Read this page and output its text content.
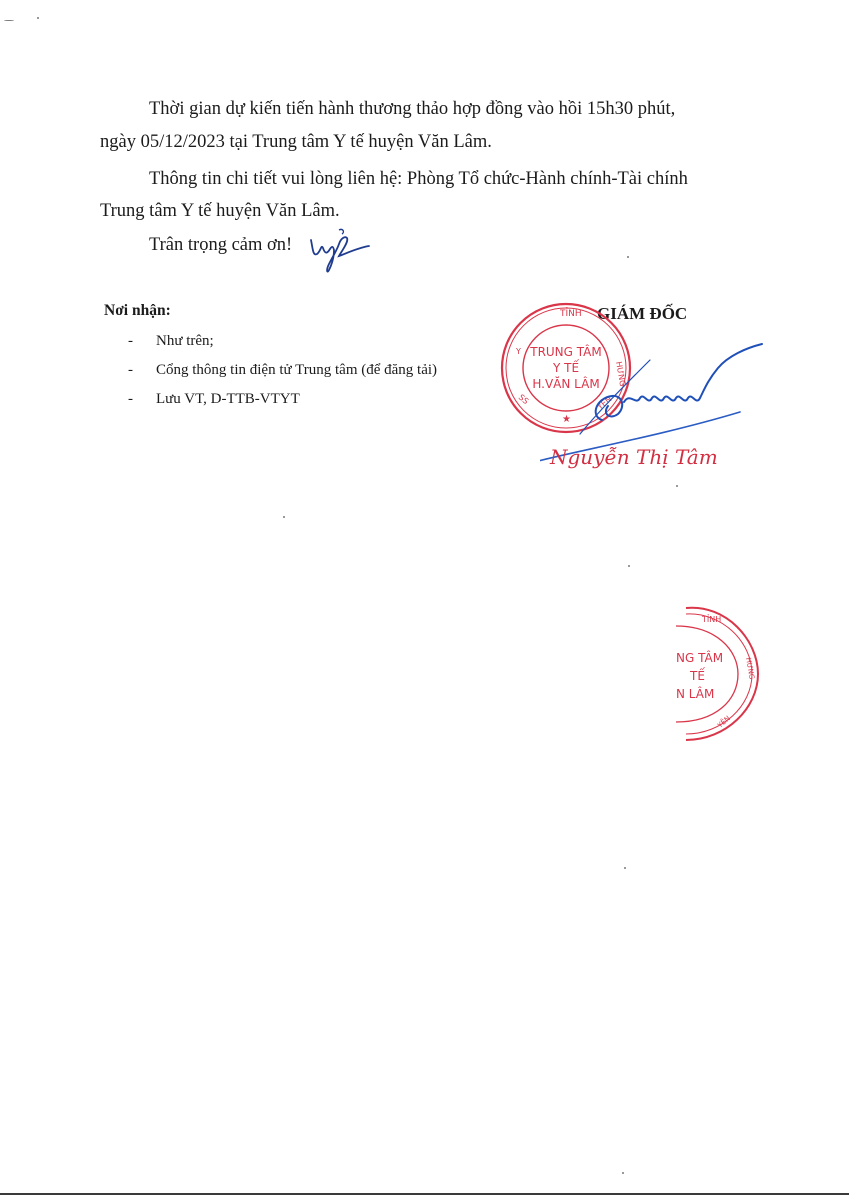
Thời gian dự kiến tiến hành thương thảo hợp đồng vào hồi 15h30 phút,
ngày 05/12/2023 tại Trung tâm Y tế huyện Văn Lâm.
Thông tin chi tiết vui lòng liên hệ: Phòng Tổ chức-Hành chính-Tài chính
Trung tâm Y tế huyện Văn Lâm.
Trân trọng cảm ơn!
Nơi nhận:
- Như trên;
- Cổng thông tin điện tử Trung tâm (để đăng tải)
- Lưu VT, D-TTB-VTYT
GIÁM ĐỐC
TỈNH
HƯNG
Y
SS	YÊN
TRUNG TÂM
Y TẾ
H.VĂN LÂM
★
Nguyễn Thị Tâm
TỈNH
HƯNG
YÊN
NG TÂM
TẾ
N LÂM
